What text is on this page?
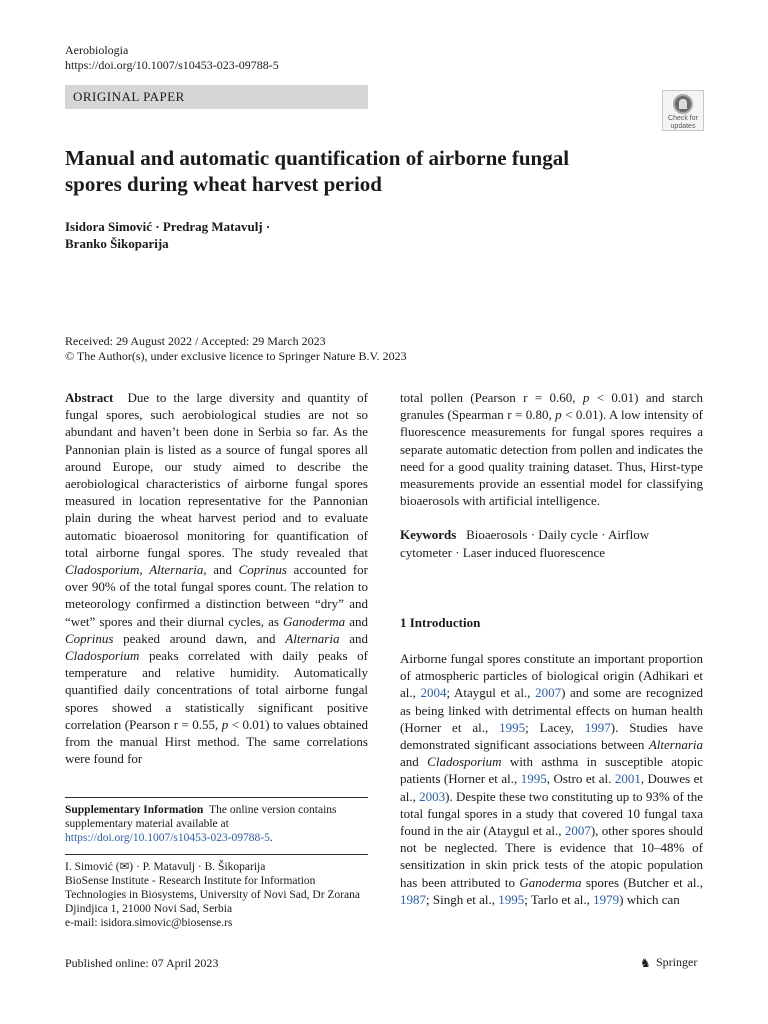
Aerobiologia
https://doi.org/10.1007/s10453-023-09788-5
ORIGINAL PAPER
Check for
updates
Manual and automatic quantification of airborne fungal
spores during wheat harvest period
Isidora Simović · Predrag Matavulj ·
Branko Šikoparija
Received: 29 August 2022 / Accepted: 29 March 2023
© The Author(s), under exclusive licence to Springer Nature B.V. 2023

Abstract Due to the large diversity and quantity of fungal spores, such aerobiological studies are not so abundant and haven’t been done in Serbia so far. As the Pannonian plain is listed as a source of fungal spores all around Europe, our study aimed to describe the aerobiological characteristics of airborne fungal spores measured in location representative for the Pannonian plain during the wheat harvest period and to evaluate automatic bioaerosol monitoring for quantification of total airborne fungal spores. The study revealed that Cladosporium, Alternaria, and Coprinus accounted for over 90% of the total fungal spores count. The relation to meteorology confirmed a distinction between “dry” and “wet” spores and their diurnal cycles, as Ganoderma and Coprinus peaked around dawn, and Alternaria and Cladosporium peaks correlated with daily peaks of temperature and relative humidity. Automatically quantified daily concentrations of total airborne fungal spores showed a statistically significant positive correlation (Pearson r = 0.55, p < 0.01) to values obtained from the manual Hirst method. The same correlations were found for

Supplementary Information The online version contains supplementary material available at https://doi.org/10.1007/s10453-023-09788-5.
I. Simović (✉) · P. Matavulj · B. Šikoparija
BioSense Institute - Research Institute for Information Technologies in Biosystems, University of Novi Sad, Dr Zorana Djindjica 1, 21000 Novi Sad, Serbia
e-mail: isidora.simovic@biosense.rs

total pollen (Pearson r = 0.60, p < 0.01) and starch granules (Spearman r = 0.80, p < 0.01). A low intensity of fluorescence measurements for fungal spores requires a separate automatic detection from pollen and indicates the need for a good quality training dataset. Thus, Hirst-type measurements provide an essential model for classifying bioaerosols with artificial intelligence.

Keywords Bioaerosols · Daily cycle · Airflow cytometer · Laser induced fluorescence

1 Introduction

Airborne fungal spores constitute an important proportion of atmospheric particles of biological origin (Adhikari et al., 2004; Ataygul et al., 2007) and some are recognized as being linked with detrimental effects on human health (Horner et al., 1995; Lacey, 1997). Studies have demonstrated significant associations between Alternaria and Cladosporium with asthma in susceptible atopic patients (Horner et al., 1995, Ostro et al. 2001, Douwes et al., 2003). Despite these two constituting up to 93% of the total fungal spores in a study that covered 10 fungal taxa found in the air (Ataygul et al., 2007), other spores should not be neglected. There is evidence that 10–48% of sensitization in skin prick tests of the atopic population has been attributed to Ganoderma spores (Butcher et al., 1987; Singh et al., 1995; Tarlo et al., 1979) which can

Published online: 07 April 2023	♞ Springer
